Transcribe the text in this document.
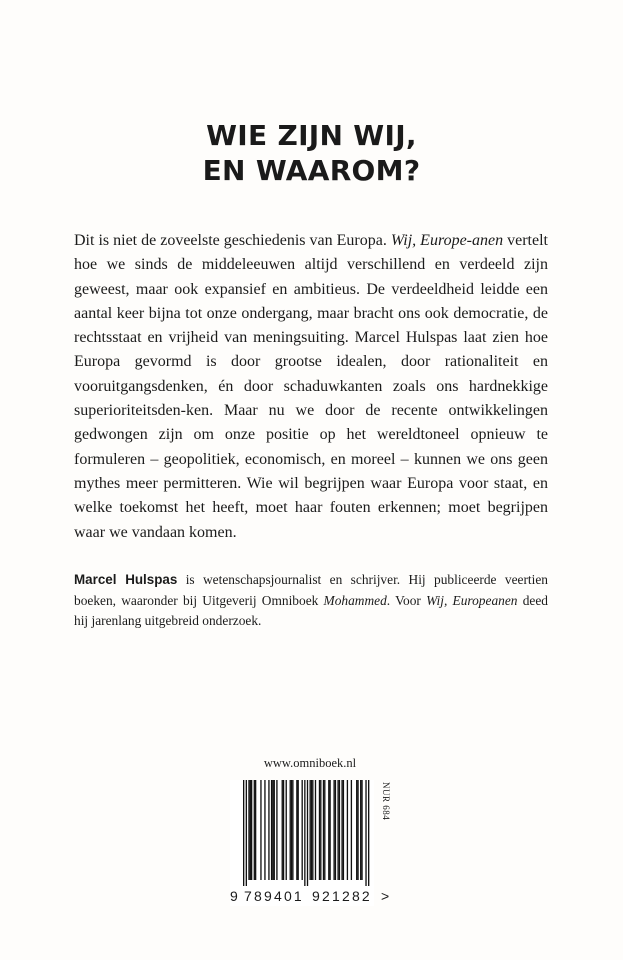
WIE ZIJN WIJ,
EN WAAROM?
Dit is niet de zoveelste geschiedenis van Europa. Wij, Europe-anen vertelt hoe we sinds de middeleeuwen altijd verschillend en verdeeld zijn geweest, maar ook expansief en ambitieus. De verdeeldheid leidde een aantal keer bijna tot onze ondergang, maar bracht ons ook democratie, de rechtsstaat en vrijheid van meningsuiting. Marcel Hulspas laat zien hoe Europa gevormd is door grootse idealen, door rationaliteit en vooruitgangsdenken, én door schaduwkanten zoals ons hardnekkige superioriteitsden-ken. Maar nu we door de recente ontwikkelingen gedwongen zijn om onze positie op het wereldtoneel opnieuw te formuleren – geopolitiek, economisch, en moreel – kunnen we ons geen mythes meer permitteren. Wie wil begrijpen waar Europa voor staat, en welke toekomst het heeft, moet haar fouten erkennen; moet begrijpen waar we vandaan komen.
Marcel Hulspas is wetenschapsjournalist en schrijver. Hij publiceerde veertien boeken, waaronder bij Uitgeverij Omniboek Mohammed. Voor Wij, Europeanen deed hij jarenlang uitgebreid onderzoek.
www.omniboek.nl
NUR 684
9 789401 921282 >
